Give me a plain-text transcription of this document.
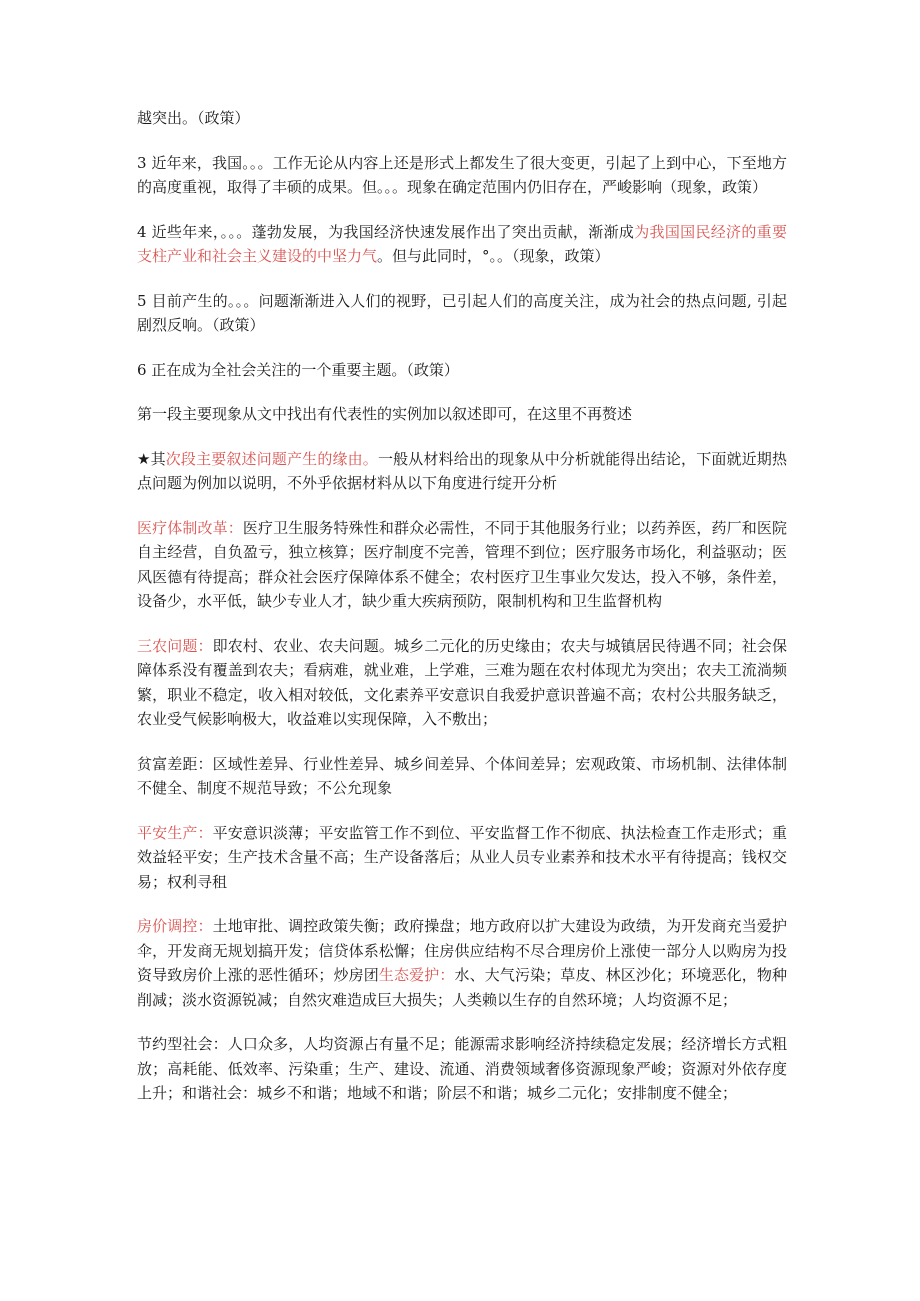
越突出。（政策）

3 近年来，我国。。。工作无论从内容上还是形式上都发生了很大变更，引起了上到中心，下至地方的高度重视，取得了丰硕的成果。但。。。现象在确定范围内仍旧存在，严峻影响（现象，政策）

4 近些年来，。。。蓬勃发展，为我国经济快速发展作出了突出贡献，渐渐成为我国国民经济的重要支柱产业和社会主义建设的中坚力气。但与此同时，°。。（现象，政策）

5 目前产生的。。。问题渐渐进入人们的视野，已引起人们的高度关注，成为社会的热点问题, 引起剧烈反响。（政策）

6 正在成为全社会关注的一个重要主题。（政策）

第一段主要现象从文中找出有代表性的实例加以叙述即可，在这里不再赘述

★其次段主要叙述问题产生的缘由。一般从材料给出的现象从中分析就能得出结论，下面就近期热点问题为例加以说明，不外乎依据材料从以下角度进行绽开分析

医疗体制改革：医疗卫生服务特殊性和群众必需性，不同于其他服务行业；以药养医，药厂和医院自主经营，自负盈亏，独立核算；医疗制度不完善，管理不到位；医疗服务市场化，利益驱动；医风医德有待提高；群众社会医疗保障体系不健全；农村医疗卫生事业欠发达，投入不够，条件差，设备少，水平低，缺少专业人才，缺少重大疾病预防，限制机构和卫生监督机构

三农问题：即农村、农业、农夫问题。城乡二元化的历史缘由；农夫与城镇居民待遇不同；社会保障体系没有覆盖到农夫；看病难，就业难，上学难，三难为题在农村体现尤为突出；农夫工流淌频繁，职业不稳定，收入相对较低，文化素养平安意识自我爱护意识普遍不高；农村公共服务缺乏，农业受气候影响极大，收益难以实现保障，入不敷出；

贫富差距：区域性差异、行业性差异、城乡间差异、个体间差异；宏观政策、市场机制、法律体制不健全、制度不规范导致；不公允现象

平安生产：平安意识淡薄；平安监管工作不到位、平安监督工作不彻底、执法检查工作走形式；重效益轻平安；生产技术含量不高；生产设备落后；从业人员专业素养和技术水平有待提高；钱权交易；权利寻租

房价调控：土地审批、调控政策失衡；政府操盘；地方政府以扩大建设为政绩，为开发商充当爱护伞，开发商无规划搞开发；信贷体系松懈；住房供应结构不尽合理房价上涨使一部分人以购房为投资导致房价上涨的恶性循环；炒房团生态爱护：水、大气污染；草皮、林区沙化；环境恶化，物种削减；淡水资源锐减；自然灾难造成巨大损失；人类赖以生存的自然环境；人均资源不足；

节约型社会：人口众多，人均资源占有量不足；能源需求影响经济持续稳定发展；经济增长方式粗放；高耗能、低效率、污染重；生产、建设、流通、消费领域奢侈资源现象严峻；资源对外依存度上升；和谐社会：城乡不和谐；地域不和谐；阶层不和谐；城乡二元化；安排制度不健全；
